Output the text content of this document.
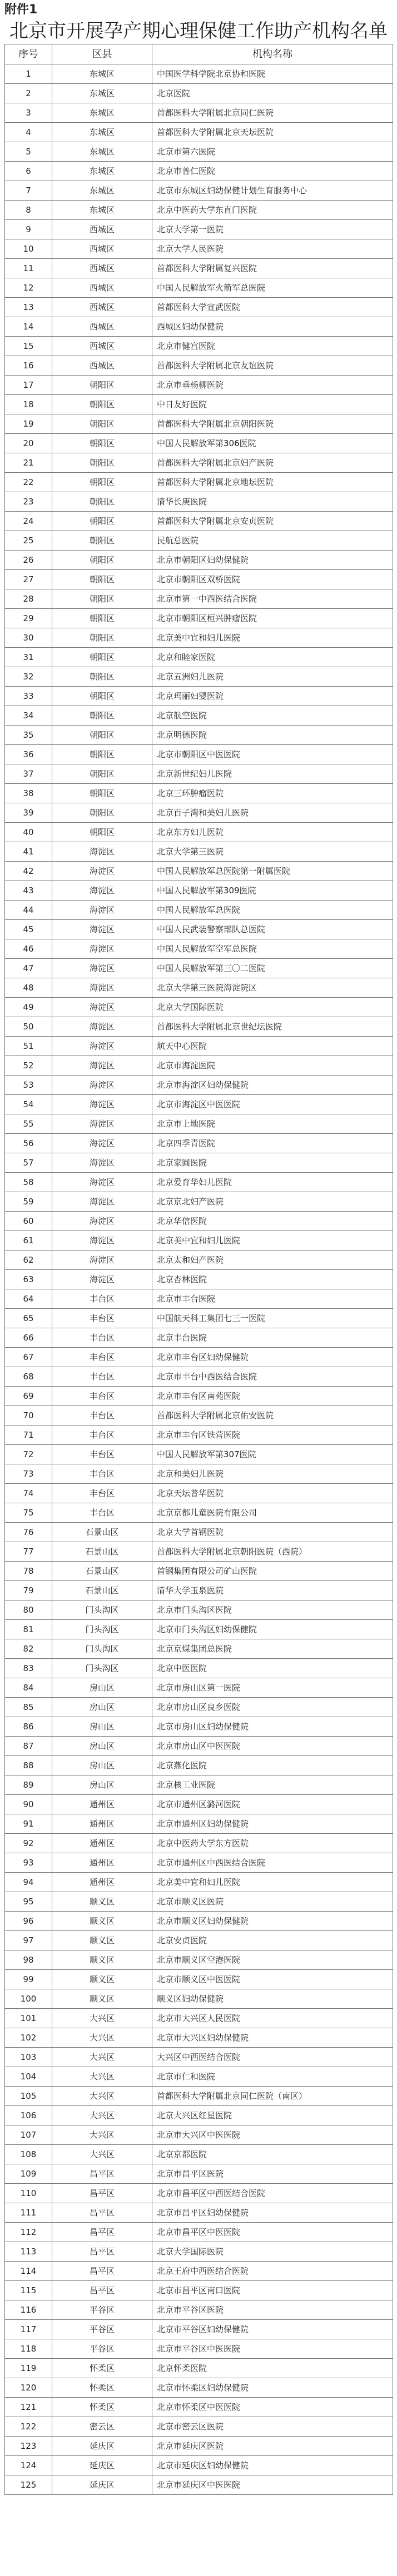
附件1
北京市开展孕产期心理保健工作助产机构名单
序号	区县	机构名称
1	东城区	中国医学科学院北京协和医院
2	东城区	北京医院
3	东城区	首都医科大学附属北京同仁医院
4	东城区	首都医科大学附属北京天坛医院
5	东城区	北京市第六医院
6	东城区	北京市普仁医院
7	东城区	北京市东城区妇幼保健计划生育服务中心
8	东城区	北京中医药大学东直门医院
9	西城区	北京大学第一医院
10	西城区	北京大学人民医院
11	西城区	首都医科大学附属复兴医院
12	西城区	中国人民解放军火箭军总医院
13	西城区	首都医科大学宣武医院
14	西城区	西城区妇幼保健院
15	西城区	北京市健宫医院
16	西城区	首都医科大学附属北京友谊医院
17	朝阳区	北京市垂杨柳医院
18	朝阳区	中日友好医院
19	朝阳区	首都医科大学附属北京朝阳医院
20	朝阳区	中国人民解放军第306医院
21	朝阳区	首都医科大学附属北京妇产医院
22	朝阳区	首都医科大学附属北京地坛医院
23	朝阳区	清华长庚医院
24	朝阳区	首都医科大学附属北京安贞医院
25	朝阳区	民航总医院
26	朝阳区	北京市朝阳区妇幼保健院
27	朝阳区	北京市朝阳区双桥医院
28	朝阳区	北京市第一中西医结合医院
29	朝阳区	北京市朝阳区桓兴肿瘤医院
30	朝阳区	北京美中宜和妇儿医院
31	朝阳区	北京和睦家医院
32	朝阳区	北京五洲妇儿医院
33	朝阳区	北京玛丽妇婴医院
34	朝阳区	北京航空医院
35	朝阳区	北京明德医院
36	朝阳区	北京市朝阳区中医医院
37	朝阳区	北京新世纪妇儿医院
38	朝阳区	北京三环肿瘤医院
39	朝阳区	北京百子湾和美妇儿医院
40	朝阳区	北京东方妇儿医院
41	海淀区	北京大学第三医院
42	海淀区	中国人民解放军总医院第一附属医院
43	海淀区	中国人民解放军第309医院
44	海淀区	中国人民解放军总医院
45	海淀区	中国人民武装警察部队总医院
46	海淀区	中国人民解放军空军总医院
47	海淀区	中国人民解放军第三〇二医院
48	海淀区	北京大学第三医院海淀院区
49	海淀区	北京大学国际医院
50	海淀区	首都医科大学附属北京世纪坛医院
51	海淀区	航天中心医院
52	海淀区	北京市海淀医院
53	海淀区	北京市海淀区妇幼保健院
54	海淀区	北京市海淀区中医医院
55	海淀区	北京市上地医院
56	海淀区	北京四季青医院
57	海淀区	北京家圆医院
58	海淀区	北京爱育华妇儿医院
59	海淀区	北京京北妇产医院
60	海淀区	北京华信医院
61	海淀区	北京美中宜和妇儿医院
62	海淀区	北京太和妇产医院
63	海淀区	北京杏林医院
64	丰台区	北京市丰台医院
65	丰台区	中国航天科工集团七三一医院
66	丰台区	北京丰台医院
67	丰台区	北京市丰台区妇幼保健院
68	丰台区	北京市丰台中西医结合医院
69	丰台区	北京市丰台区南苑医院
70	丰台区	首都医科大学附属北京佑安医院
71	丰台区	北京市丰台区铁营医院
72	丰台区	中国人民解放军第307医院
73	丰台区	北京和美妇儿医院
74	丰台区	北京天坛普华医院
75	丰台区	北京京都儿童医院有限公司
76	石景山区	北京大学首钢医院
77	石景山区	首都医科大学附属北京朝阳医院（西院）
78	石景山区	首钢集团有限公司矿山医院
79	石景山区	清华大学玉泉医院
80	门头沟区	北京市门头沟区医院
81	门头沟区	北京市门头沟区妇幼保健院
82	门头沟区	北京京煤集团总医院
83	门头沟区	北京中医医院
84	房山区	北京市房山区第一医院
85	房山区	北京市房山区良乡医院
86	房山区	北京市房山区妇幼保健院
87	房山区	北京市房山区中医医院
88	房山区	北京燕化医院
89	房山区	北京核工业医院
90	通州区	北京市通州区潞河医院
91	通州区	北京市通州区妇幼保健院
92	通州区	北京中医药大学东方医院
93	通州区	北京市通州区中西医结合医院
94	通州区	北京美中宜和妇儿医院
95	顺义区	北京市顺义区医院
96	顺义区	北京市顺义区妇幼保健院
97	顺义区	北京安贞医院
98	顺义区	北京市顺义区空港医院
99	顺义区	北京市顺义区中医医院
100	顺义区	顺义区妇幼保健院
101	大兴区	北京市大兴区人民医院
102	大兴区	北京市大兴区妇幼保健院
103	大兴区	大兴区中西医结合医院
104	大兴区	北京市仁和医院
105	大兴区	首都医科大学附属北京同仁医院（南区）
106	大兴区	北京大兴区红星医院
107	大兴区	北京市大兴区中医医院
108	大兴区	北京京都医院
109	昌平区	北京市昌平区医院
110	昌平区	北京市昌平区中西医结合医院
111	昌平区	北京市昌平区妇幼保健院
112	昌平区	北京市昌平区中医医院
113	昌平区	北京大学国际医院
114	昌平区	北京王府中西医结合医院
115	昌平区	北京市昌平区南口医院
116	平谷区	北京市平谷区医院
117	平谷区	北京市平谷区妇幼保健院
118	平谷区	北京市平谷区中医医院
119	怀柔区	北京怀柔医院
120	怀柔区	北京市怀柔区妇幼保健院
121	怀柔区	北京市怀柔区中医医院
122	密云区	北京市密云区医院
123	延庆区	北京市延庆区医院
124	延庆区	北京市延庆区妇幼保健院
125	延庆区	北京市延庆区中医医院
